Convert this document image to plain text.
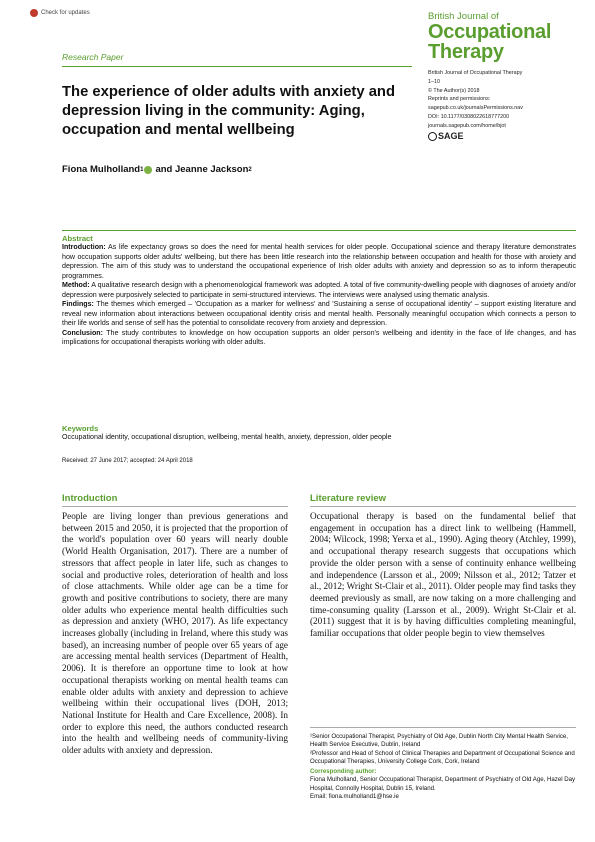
Check for updates	British Journal of
Occupational
Therapy
Research Paper
British Journal of Occupational Therapy
1–10
© The Author(s) 2018
Reprints and permissions:
sagepub.co.uk/journalsPermissions.nav
DOI: 10.1177/0308022618777200
journals.sagepub.com/home/bjot
SAGE
The experience of older adults with anxiety and depression living in the community: Aging, occupation and mental wellbeing
Fiona Mulholland 1 and Jeanne Jackson 2
Abstract

Introduction: As life expectancy grows so does the need for mental health services for older people. Occupational science and therapy literature demonstrates how occupation supports older adults' wellbeing, but there has been little research into the relationship between occupation and health for those with anxiety and depression. The aim of this study was to understand the occupational experience of Irish older adults with anxiety and depression so as to inform therapeutic programmes.

Method: A qualitative research design with a phenomenological framework was adopted. A total of five community-dwelling people with diagnoses of anxiety and/or depression were purposively selected to participate in semi-structured interviews. The interviews were analysed using thematic analysis.

Findings: The themes which emerged – 'Occupation as a marker for wellness' and 'Sustaining a sense of occupational identity' – support existing literature and reveal new information about interactions between occupational identity crisis and mental health. Personally meaningful occupation which connects a person to their life worlds and sense of self has the potential to consolidate recovery from anxiety and depression.

Conclusion: The study contributes to knowledge on how occupation supports an older person's wellbeing and identity in the face of life changes, and has implications for occupational therapists working with older adults.

Keywords
Occupational identity, occupational disruption, wellbeing, mental health, anxiety, depression, older people
Received: 27 June 2017; accepted: 24 April 2018
Introduction
People are living longer than previous generations and between 2015 and 2050, it is projected that the proportion of the world's population over 60 years will nearly double (World Health Organisation, 2017). There are a number of stressors that affect people in later life, such as changes to social and productive roles, deterioration of health and loss of close attachments. While older age can be a time for growth and positive contributions to society, there are many older adults who experience mental health difficulties such as depression and anxiety (WHO, 2017). As life expectancy increases globally (including in Ireland, where this study was based), an increasing number of people over 65 years of age are accessing mental health services (Department of Health, 2006). It is therefore an opportune time to look at how occupational therapists working on mental health teams can enable older adults with anxiety and depression to achieve wellbeing within their occupational lives (DOH, 2013; National Institute for Health and Care Excellence, 2008). In order to explore this need, the authors conducted research into the health and wellbeing needs of community-living older adults with anxiety and depression.
Literature review
Occupational therapy is based on the fundamental belief that engagement in occupation has a direct link to wellbeing (Hammell, 2004; Wilcock, 1998; Yerxa et al., 1990). Aging theory (Atchley, 1999), and occupational therapy research suggests that occupations which provide the older person with a sense of continuity enhance wellbeing and independence (Larsson et al., 2009; Nilsson et al., 2012; Tatzer et al., 2012; Wright St-Clair et al., 2011). Older people may find tasks they deemed previously as small, are now taking on a more challenging and time-consuming quality (Larsson et al., 2009). Wright St-Clair et al. (2011) suggest that it is by having difficulties completing meaningful, familiar occupations that older people begin to view themselves

¹Senior Occupational Therapist, Psychiatry of Old Age, Dublin North City Mental Health Service, Health Service Executive, Dublin, Ireland

²Professor and Head of School of Clinical Therapies and Department of Occupational Science and Occupational Therapies, University College Cork, Cork, Ireland

Corresponding author:

Fiona Mulholland, Senior Occupational Therapist, Department of Psychiatry of Old Age, Hazel Day Hospital, Connolly Hospital, Dublin 15, Ireland.

Email: fiona.mulholland1@hse.ie
